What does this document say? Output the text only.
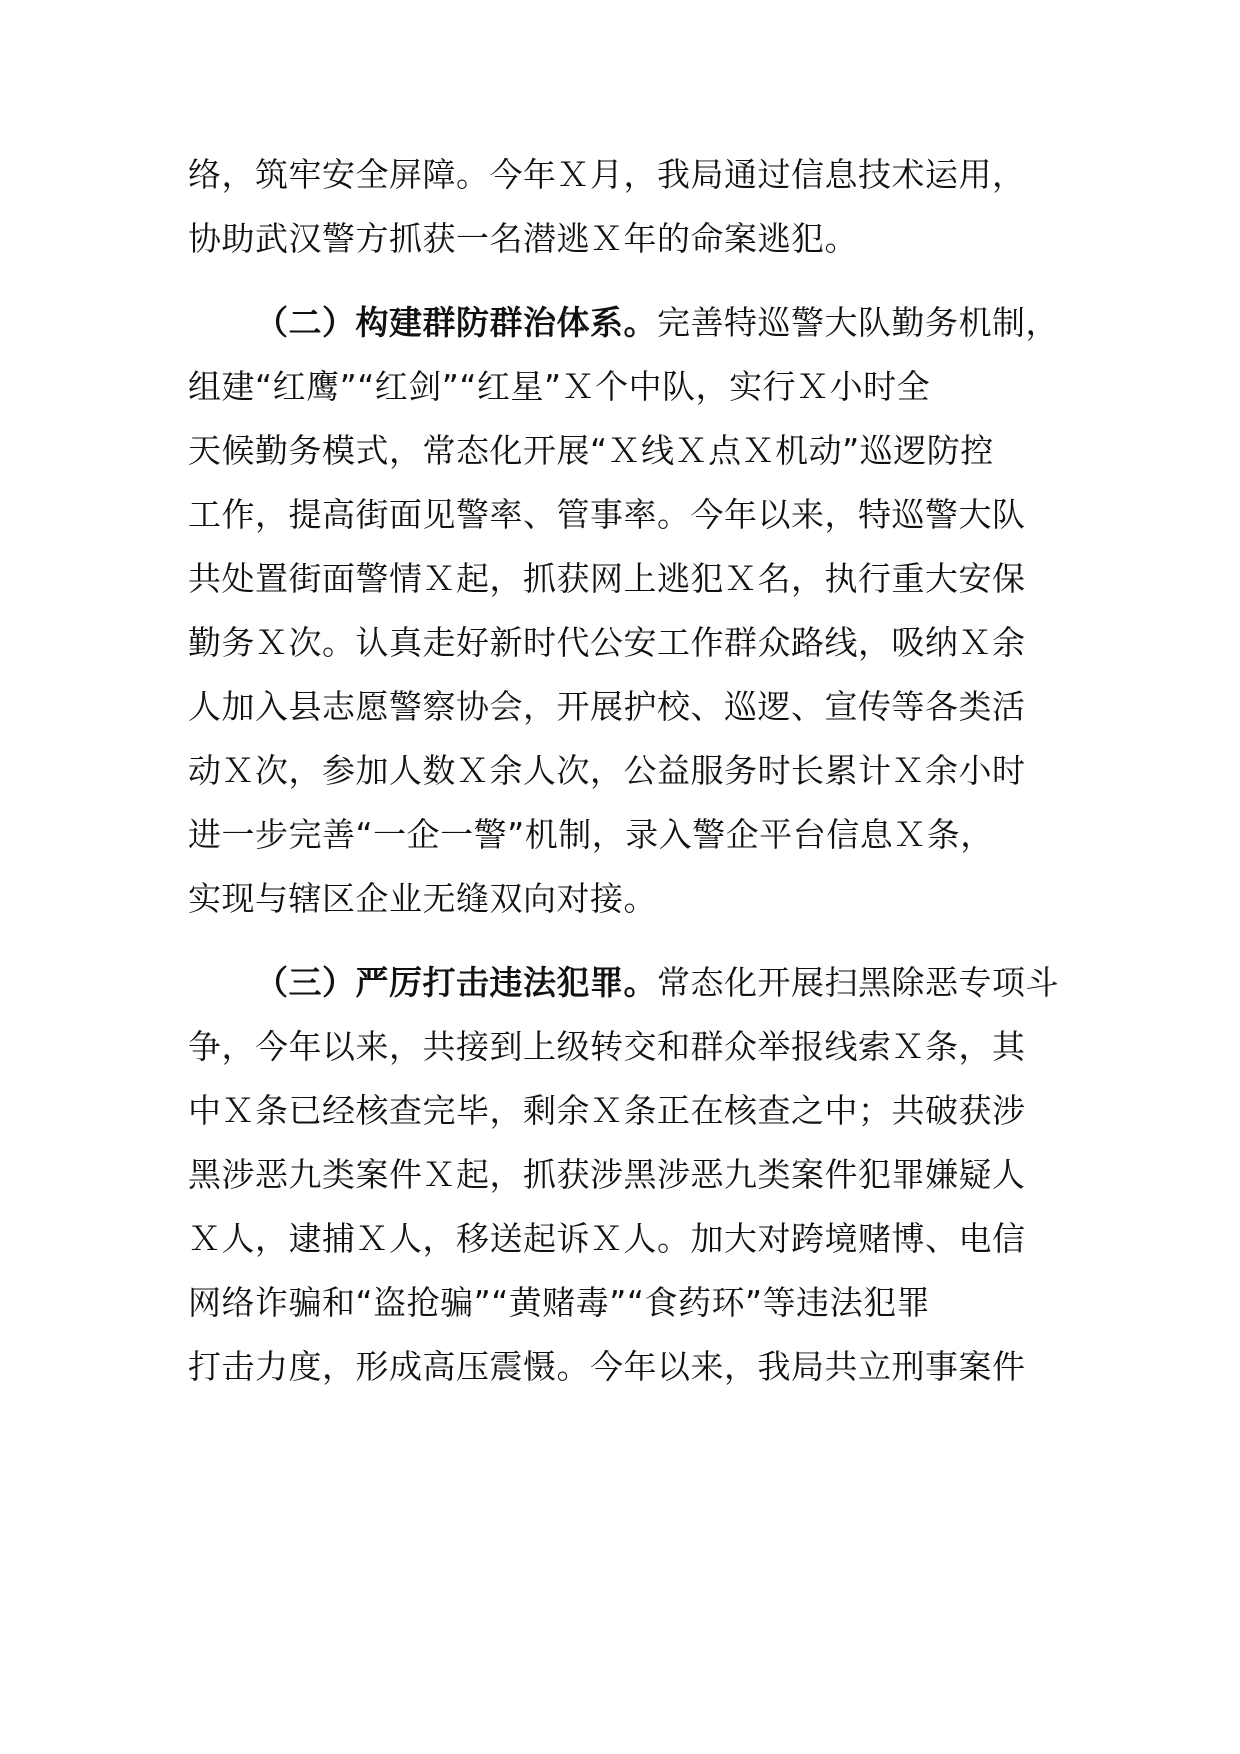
络，筑牢安全屏障。今年Ｘ月，我局通过信息技术运用，
协助武汉警方抓获一名潜逃Ｘ年的命案逃犯。
（二）构建群防群治体系。完善特巡警大队勤务机制，
组建“红鹰”“红剑”“红星”Ｘ个中队，实行Ｘ小时全
天候勤务模式，常态化开展“Ｘ线Ｘ点Ｘ机动”巡逻防控
工作，提高街面见警率、管事率。今年以来，特巡警大队
共处置街面警情Ｘ起，抓获网上逃犯Ｘ名，执行重大安保
勤务Ｘ次。认真走好新时代公安工作群众路线，吸纳Ｘ余
人加入县志愿警察协会，开展护校、巡逻、宣传等各类活
动Ｘ次，参加人数Ｘ余人次，公益服务时长累计Ｘ余小时
进一步完善“一企一警”机制，录入警企平台信息Ｘ条，
实现与辖区企业无缝双向对接。
（三）严厉打击违法犯罪。常态化开展扫黑除恶专项斗
争，今年以来，共接到上级转交和群众举报线索Ｘ条，其
中Ｘ条已经核查完毕，剩余Ｘ条正在核查之中；共破获涉
黑涉恶九类案件Ｘ起，抓获涉黑涉恶九类案件犯罪嫌疑人
Ｘ人，逮捕Ｘ人，移送起诉Ｘ人。加大对跨境赌博、电信
网络诈骗和“盗抢骗”“黄赌毒”“食药环”等违法犯罪
打击力度，形成高压震慑。今年以来，我局共立刑事案件
